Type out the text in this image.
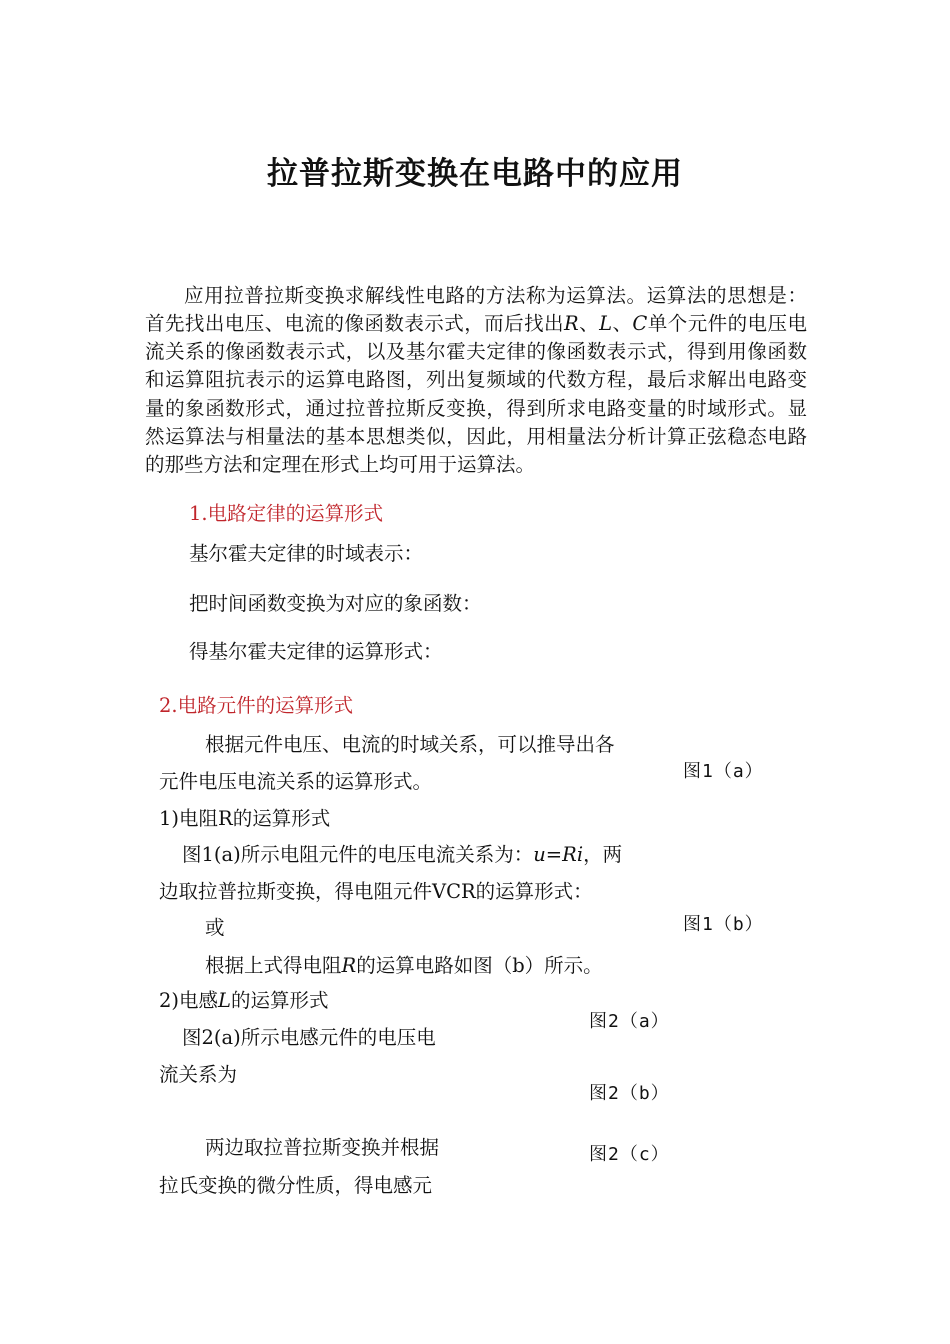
拉普拉斯变换在电路中的应用

应用拉普拉斯变换求解线性电路的方法称为运算法。运算法的思想是：首先找出电压、电流的像函数表示式，而后找出R、L、C单个元件的电压电流关系的像函数表示式，以及基尔霍夫定律的像函数表示式，得到用像函数和运算阻抗表示的运算电路图，列出复频域的代数方程，最后求解出电路变量的象函数形式，通过拉普拉斯反变换，得到所求电路变量的时域形式。显然运算法与相量法的基本思想类似，因此，用相量法分析计算正弦稳态电路的那些方法和定理在形式上均可用于运算法。

1.电路定律的运算形式
基尔霍夫定律的时域表示：
把时间函数变换为对应的象函数：
得基尔霍夫定律的运算形式：
2.电路元件的运算形式
根据元件电压、电流的时域关系，可以推导出各
元件电压电流关系的运算形式。
1)电阻R的运算形式
图1(a)所示电阻元件的电压电流关系为：u=Ri，两
边取拉普拉斯变换，得电阻元件VCR的运算形式：
或
根据上式得电阻R的运算电路如图（b）所示。
2)电感L的运算形式
图2(a)所示电感元件的电压电
流关系为
两边取拉普拉斯变换并根据
拉氏变换的微分性质，得电感元
图1（a）
图1（b）
图2（a）
图2（b）
图2（c）
